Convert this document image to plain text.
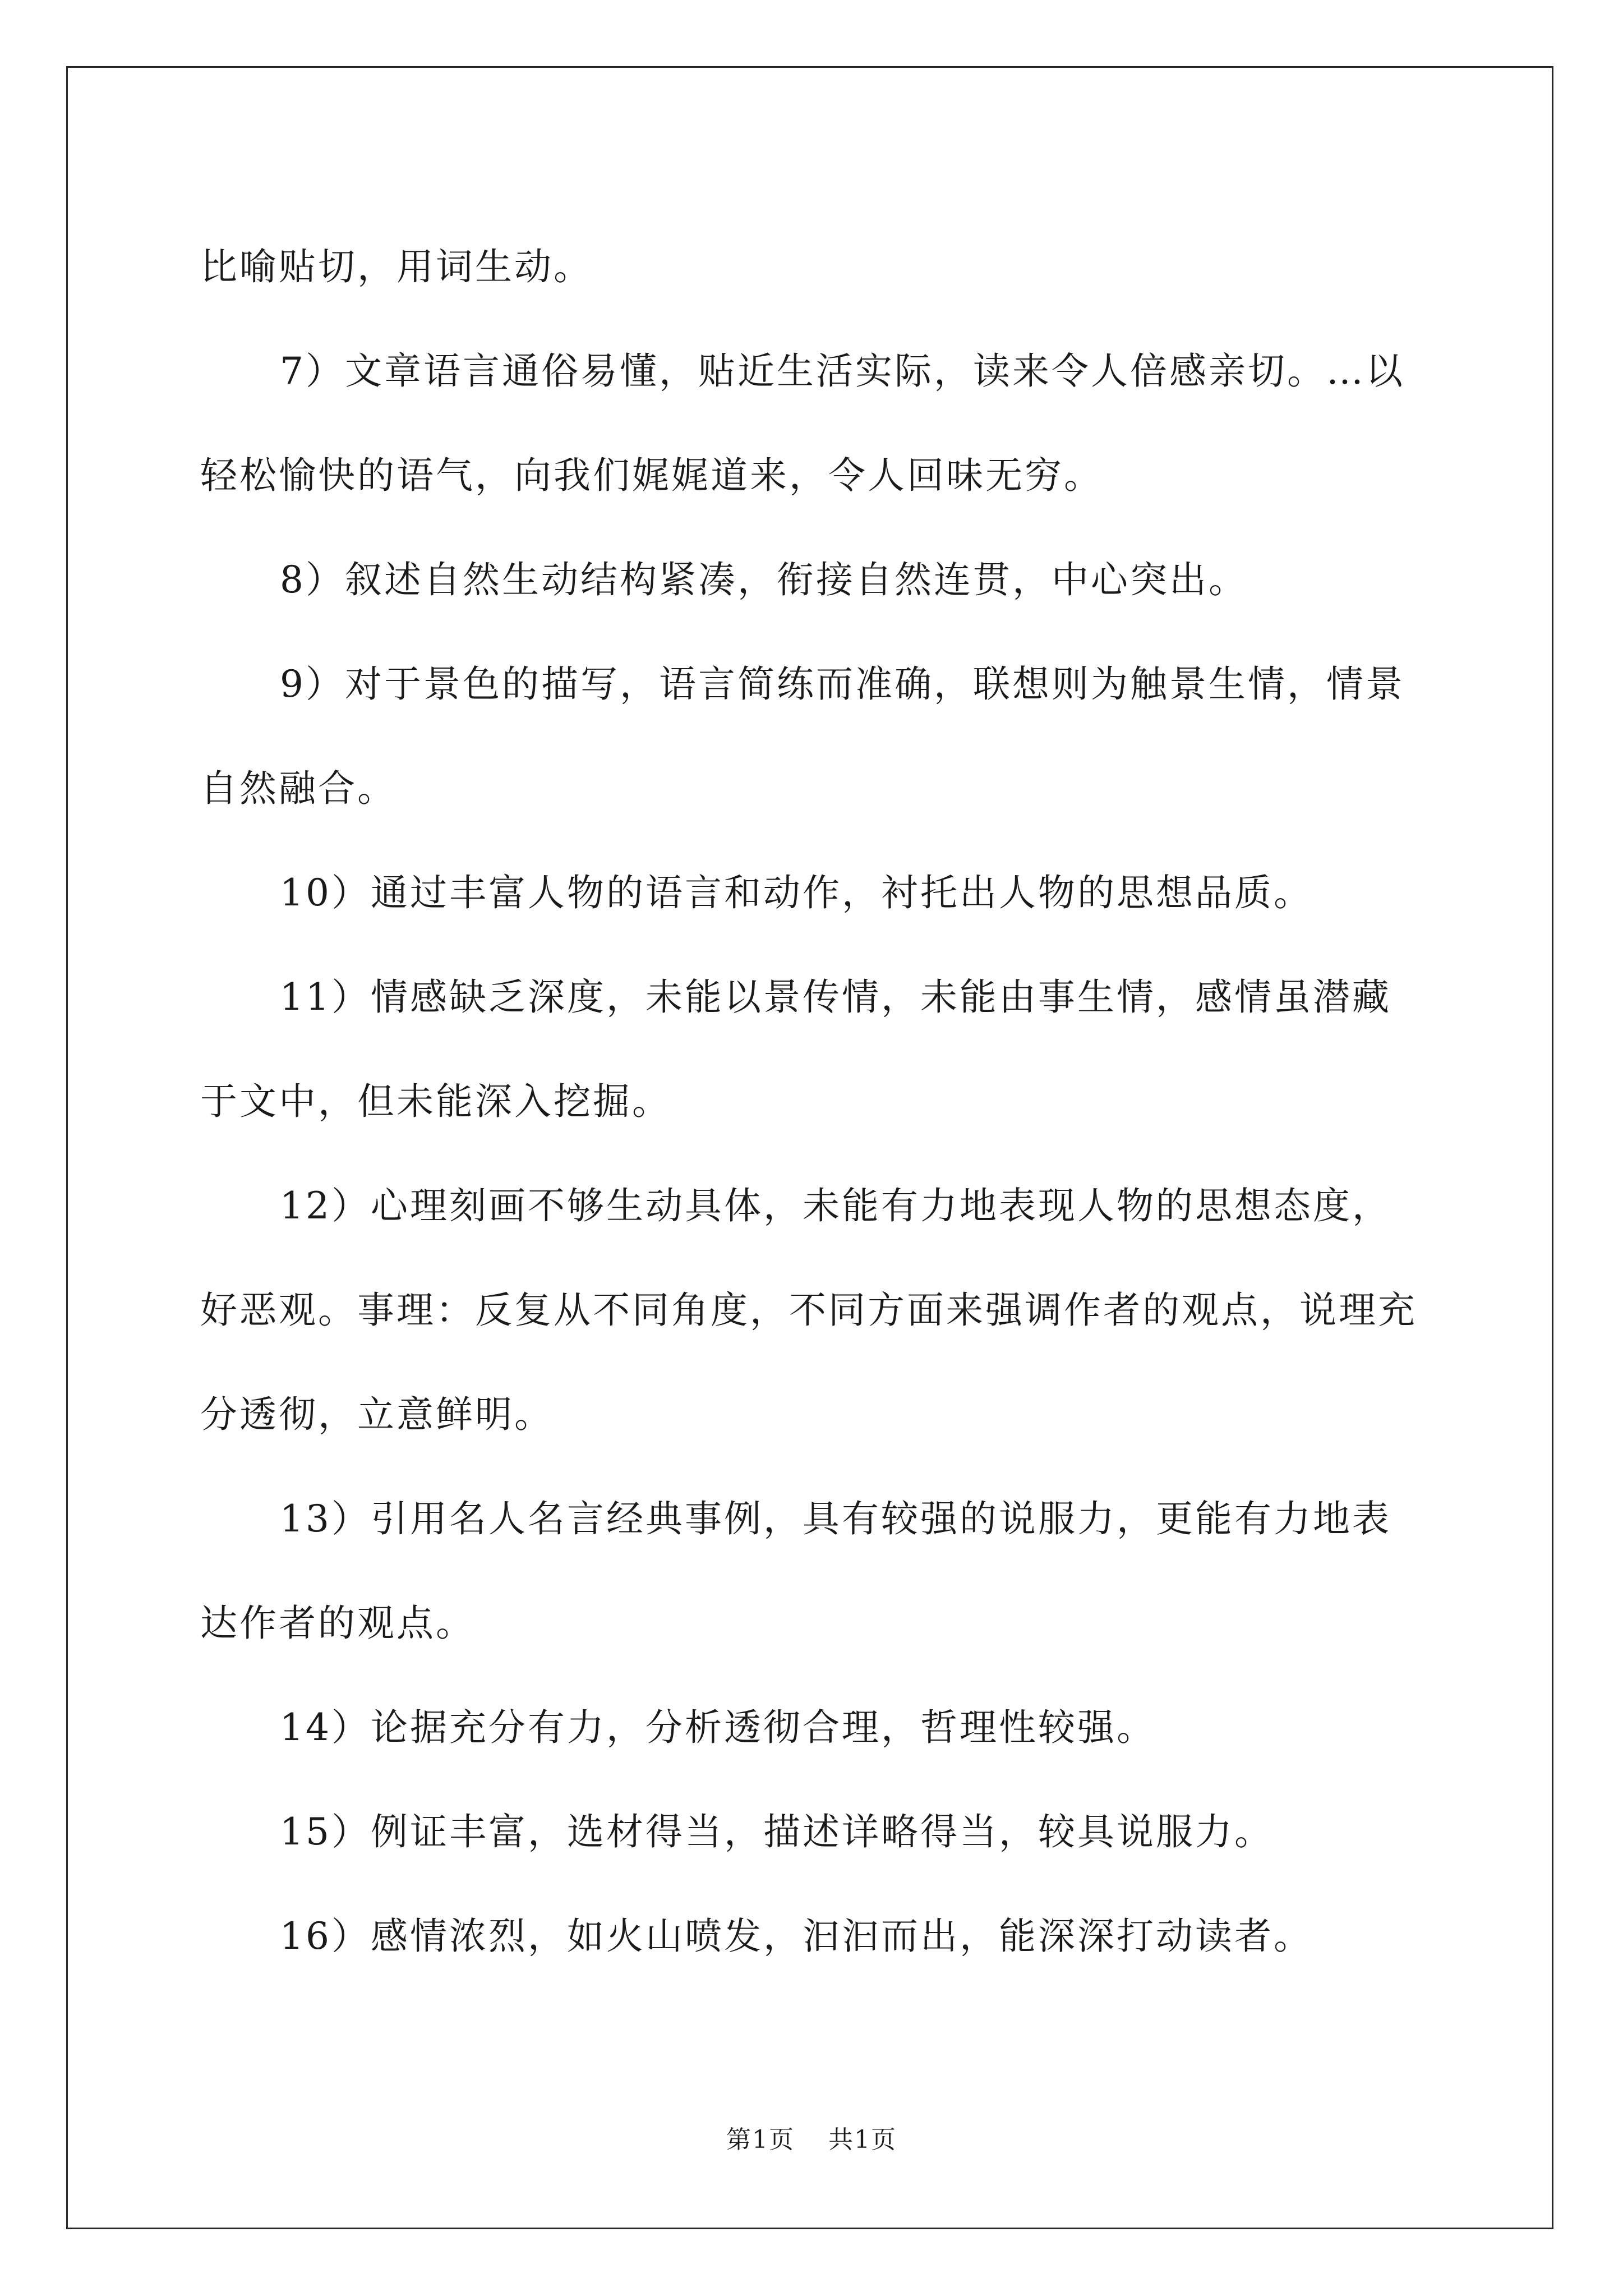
比喻贴切，用词生动。

7）文章语言通俗易懂，贴近生活实际，读来令人倍感亲切。…以轻松愉快的语气，向我们娓娓道来，令人回味无穷。

8）叙述自然生动结构紧凑，衔接自然连贯，中心突出。

9）对于景色的描写，语言简练而准确，联想则为触景生情，情景自然融合。

10）通过丰富人物的语言和动作，衬托出人物的思想品质。

11）情感缺乏深度，未能以景传情，未能由事生情，感情虽潜藏于文中，但未能深入挖掘。

12）心理刻画不够生动具体，未能有力地表现人物的思想态度，好恶观。事理：反复从不同角度，不同方面来强调作者的观点，说理充分透彻，立意鲜明。

13）引用名人名言经典事例，具有较强的说服力，更能有力地表达作者的观点。

14）论据充分有力，分析透彻合理，哲理性较强。

15）例证丰富，选材得当，描述详略得当，较具说服力。

16）感情浓烈，如火山喷发，汩汩而出，能深深打动读者。

第1页 共1页
